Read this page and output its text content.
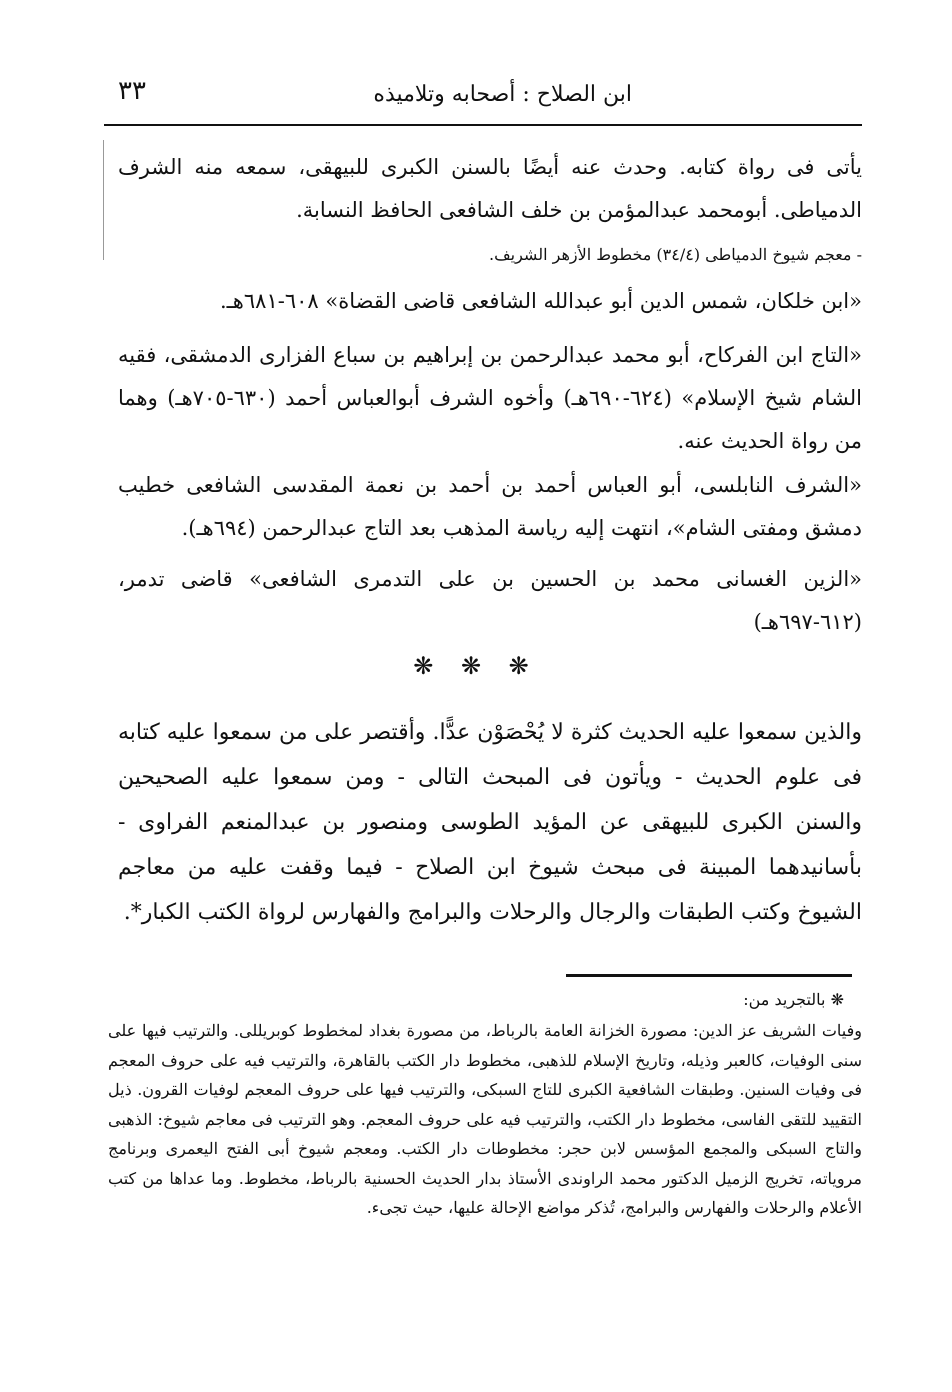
٣٣	ابن الصلاح : أصحابه وتلاميذه
يأتى فى رواة كتابه. وحدث عنه أيضًا بالسنن الكبرى للبيهقى، سمعه منه الشرف الدمياطى. أبومحمد عبدالمؤمن بن خلف الشافعى الحافظ النسابة.
- معجم شيوخ الدمياطى (٣٤/٤) مخطوط الأزهر الشريف.
«ابن خلكان، شمس الدين أبو عبدالله الشافعى قاضى القضاة» ٦٠٨-٦٨١هـ.
«التاج ابن الفركاح، أبو محمد عبدالرحمن بن إبراهيم بن سباع الفزارى الدمشقى، فقيه الشام شيخ الإسلام» (٦٢٤-٦٩٠هـ) وأخوه الشرف أبوالعباس أحمد (٦٣٠-٧٠٥هـ) وهما من رواة الحديث عنه.
«الشرف النابلسى، أبو العباس أحمد بن أحمد بن نعمة المقدسى الشافعى خطيب دمشق ومفتى الشام»، انتهت إليه رياسة المذهب بعد التاج عبدالرحمن (٦٩٤هـ).
«الزين الغسانى محمد بن الحسين بن على التدمرى الشافعى» قاضى تدمر، (٦١٢-٦٩٧هـ)
❋ ❋ ❋
والذين سمعوا عليه الحديث كثرة لا يُحْصَوْن عدًّا. وأقتصر على من سمعوا عليه كتابه فى علوم الحديث - ويأتون فى المبحث التالى - ومن سمعوا عليه الصحيحين والسنن الكبرى للبيهقى عن المؤيد الطوسى ومنصور بن عبدالمنعم الفراوى - بأسانيدهما المبينة فى مبحث شيوخ ابن الصلاح - فيما وقفت عليه من معاجم الشيوخ وكتب الطبقات والرجال والرحلات والبرامج والفهارس لرواة الكتب الكبار*.
❋ بالتجريد من:
وفيات الشريف عز الدين: مصورة الخزانة العامة بالرباط، من مصورة بغداد لمخطوط كوبريللى. والترتيب فيها على سنى الوفيات، كالعبر وذيله، وتاريخ الإسلام للذهبى، مخطوط دار الكتب بالقاهرة، والترتيب فيه على حروف المعجم فى وفيات السنين. وطبقات الشافعية الكبرى للتاج السبكى، والترتيب فيها على حروف المعجم لوفيات القرون. ذيل التقييد للتقى الفاسى، مخطوط دار الكتب، والترتيب فيه على حروف المعجم. وهو الترتيب فى معاجم شيوخ: الذهبى والتاج السبكى والمجمع المؤسس لابن حجر: مخطوطات دار الكتب. ومعجم شيوخ أبى الفتح اليعمرى وبرنامج مروياته، تخريج الزميل الدكتور محمد الراوندى الأستاذ بدار الحديث الحسنية بالرباط، مخطوط. وما عداها من كتب الأعلام والرحلات والفهارس والبرامج، تُذكر مواضع الإحالة عليها، حيث تجىء.
